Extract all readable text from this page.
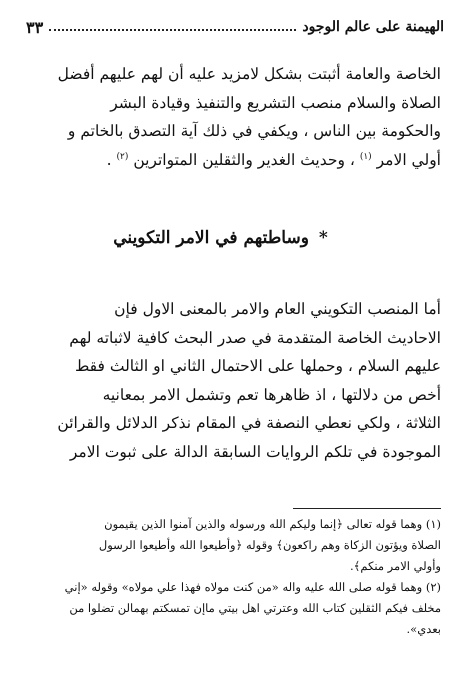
الهيمنة على عالم الوجود
٣٣
الخاصة والعامة أثبتت بشكل لامزيد عليه أن لهم عليهم أفضل
الصلاة والسلام منصب التشريع والتنفيذ وقيادة البشر
والحكومة بين الناس ، ويكفي في ذلك آية التصدق بالخاتم و
أولي الامر $^{(١)}$ ، وحديث الغدير والثقلين المتواترين $^{(٢)}$ .
* وساطتهم في الامر التكويني
أما المنصب التكويني العام والامر بالمعنى الاول فإن
الاحاديث الخاصة المتقدمة في صدر البحث كافية لاثباته لهم
عليهم السلام ، وحملها على الاحتمال الثاني او الثالث فقط
أخص من دلالتها ، اذ ظاهرها تعم وتشمل الامر بمعانيه
الثلاثة ، ولكي نعطي النصفة في المقام نذكر الدلائل والقرائن
الموجودة في تلكم الروايات السابقة الدالة على ثبوت الامر
(١) وهما قوله تعالى ﴿إنما وليكم الله ورسوله والذين آمنوا الذين يقيمون
الصلاة ويؤتون الزكاة وهم راكعون﴾ وقوله ﴿وأطيعوا الله وأطيعوا الرسول
وأولي الامر منكم﴾.
(٢) وهما قوله صلى الله عليه واله «من كنت مولاه فهذا علي مولاه» وقوله «إني
مخلف فيكم الثقلين كتاب الله وعترتي اهل بيتي ماإن تمسكتم بهمالن تضلوا من
بعدي».
